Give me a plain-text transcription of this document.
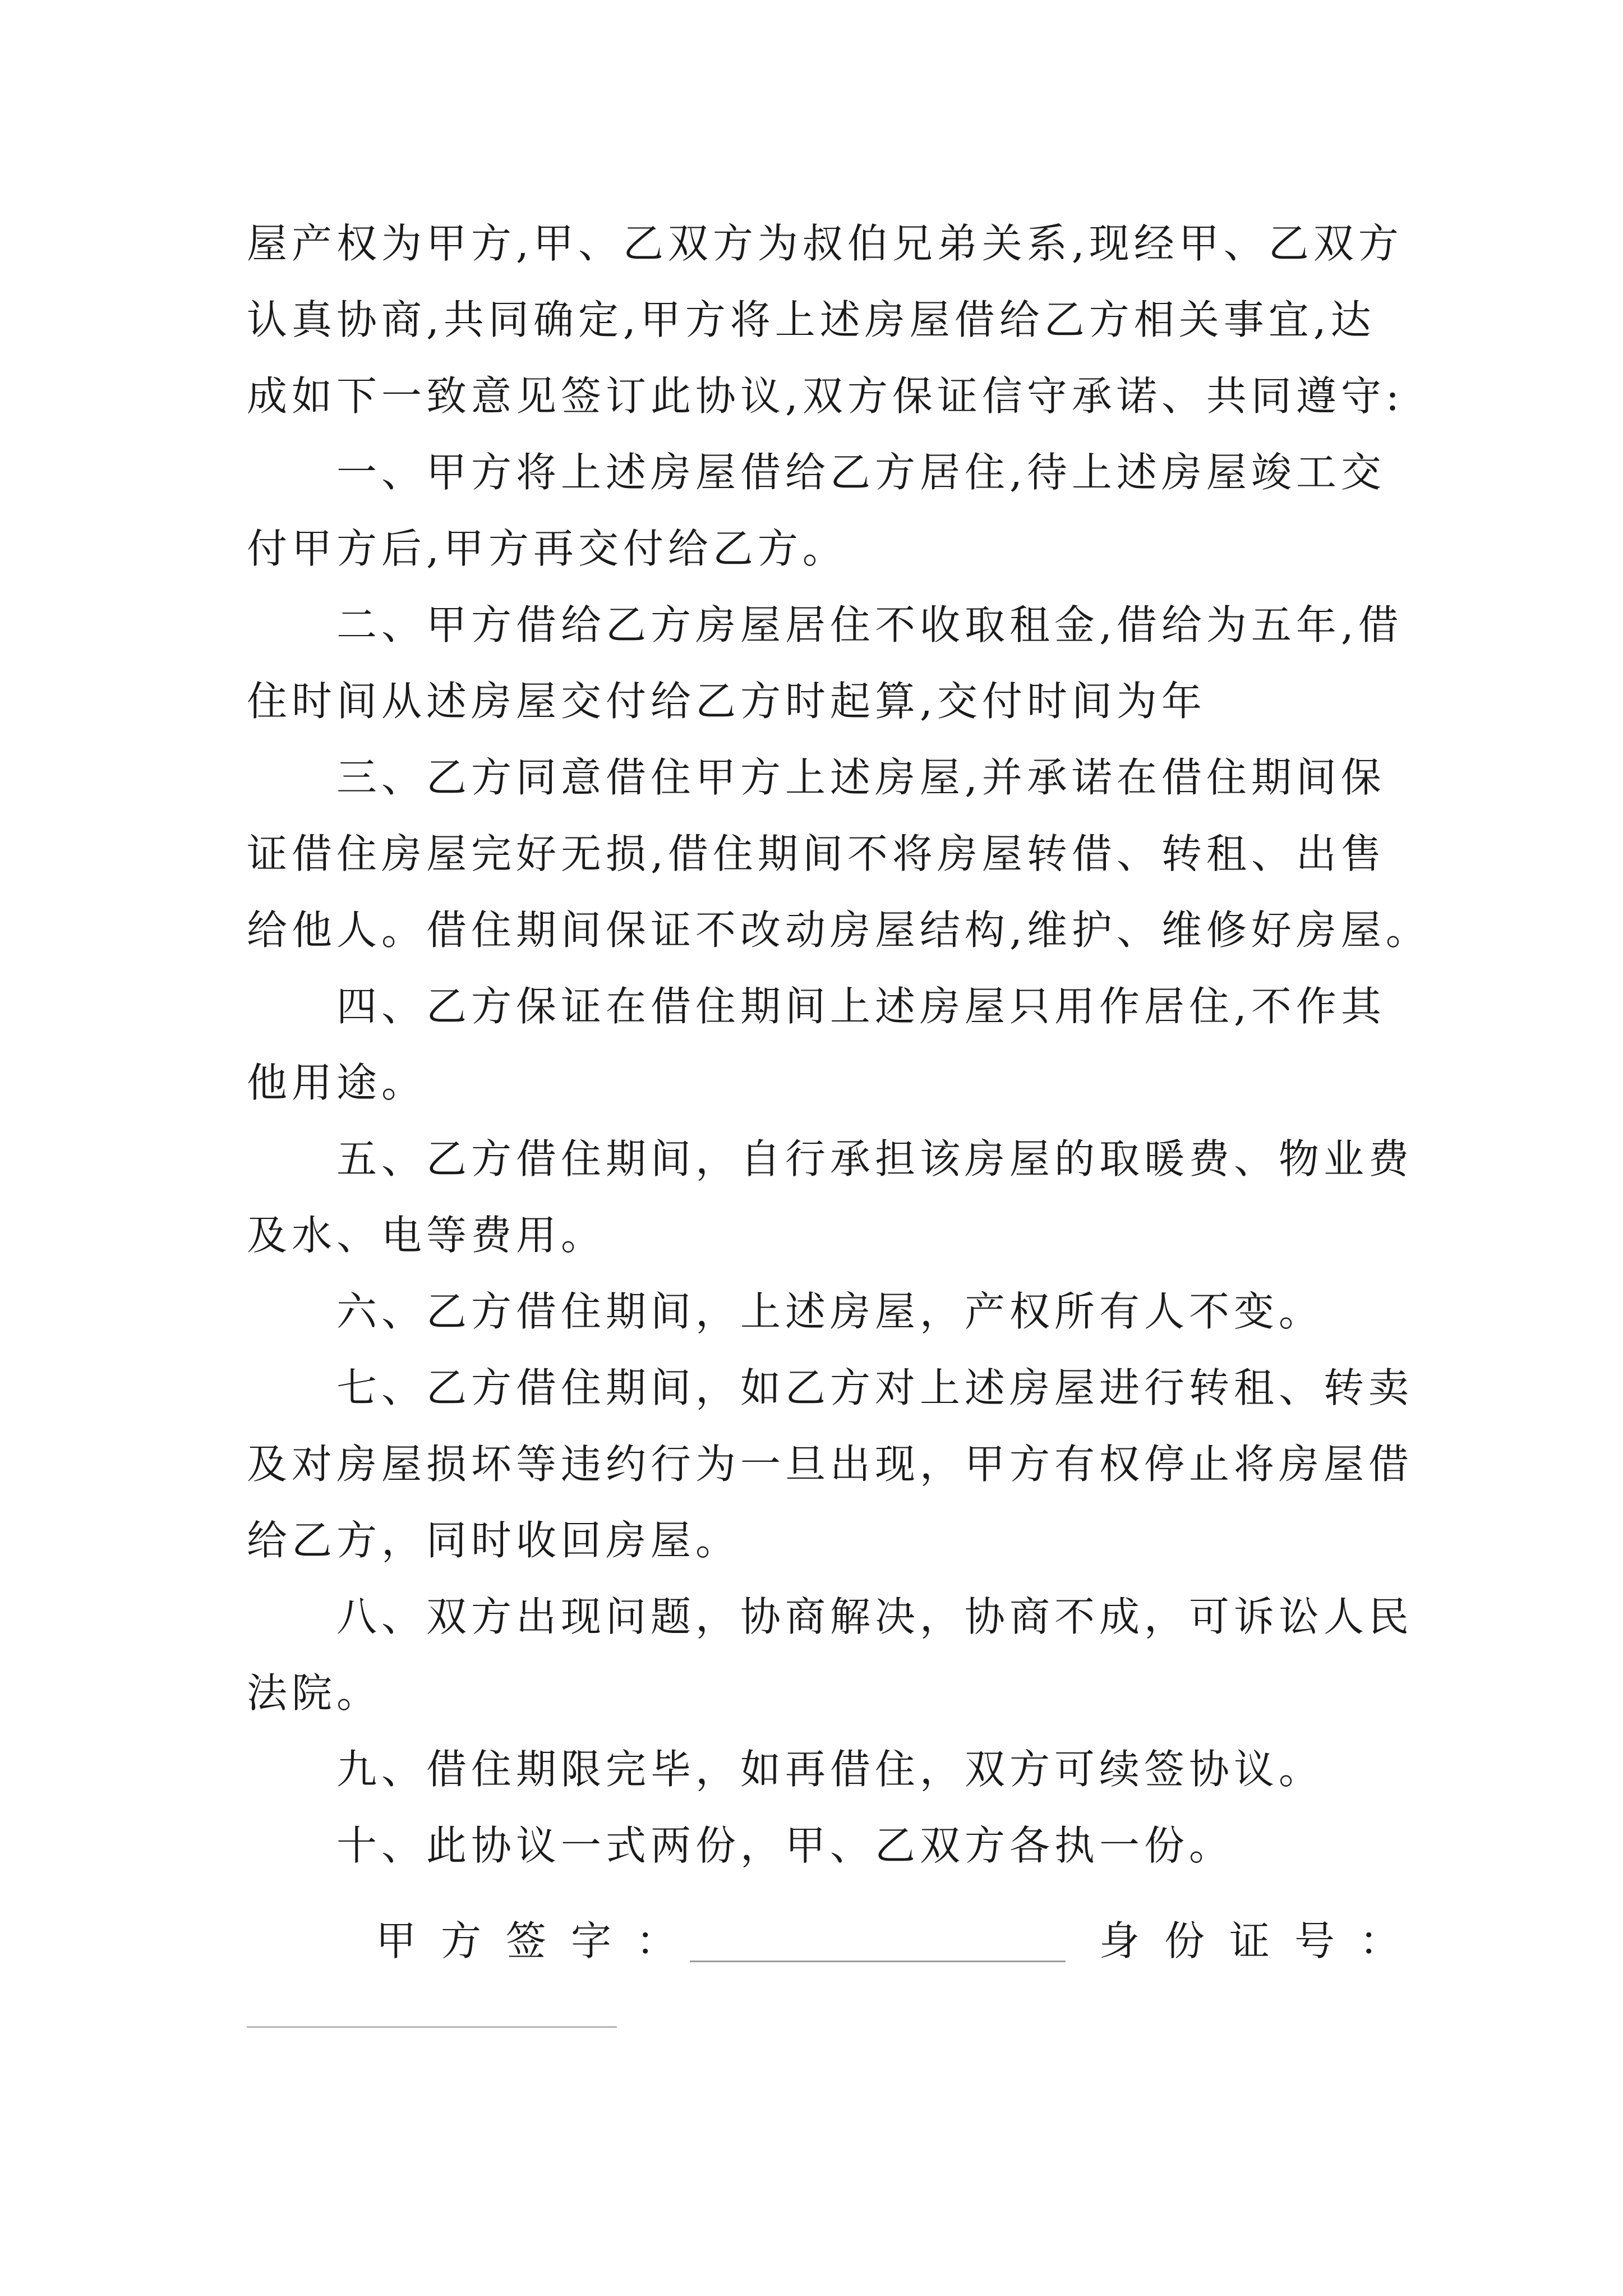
屋产权为甲方,甲、乙双方为叔伯兄弟关系,现经甲、乙双方
认真协商,共同确定,甲方将上述房屋借给乙方相关事宜,达
成如下一致意见签订此协议,双方保证信守承诺、共同遵守:
一、甲方将上述房屋借给乙方居住,待上述房屋竣工交
付甲方后,甲方再交付给乙方。
二、甲方借给乙方房屋居住不收取租金,借给为五年,借
住时间从述房屋交付给乙方时起算,交付时间为年
三、乙方同意借住甲方上述房屋,并承诺在借住期间保
证借住房屋完好无损,借住期间不将房屋转借、转租、出售
给他人。借住期间保证不改动房屋结构,维护、维修好房屋。
四、乙方保证在借住期间上述房屋只用作居住,不作其
他用途。
五、乙方借住期间，自行承担该房屋的取暖费、物业费
及水、电等费用。
六、乙方借住期间，上述房屋，产权所有人不变。
七、乙方借住期间，如乙方对上述房屋进行转租、转卖
及对房屋损坏等违约行为一旦出现，甲方有权停止将房屋借
给乙方，同时收回房屋。
八、双方出现问题，协商解决，协商不成，可诉讼人民
法院。
九、借住期限完毕，如再借住，双方可续签协议。
十、此协议一式两份，甲、乙双方各执一份。
甲方签字：	身份证号：
